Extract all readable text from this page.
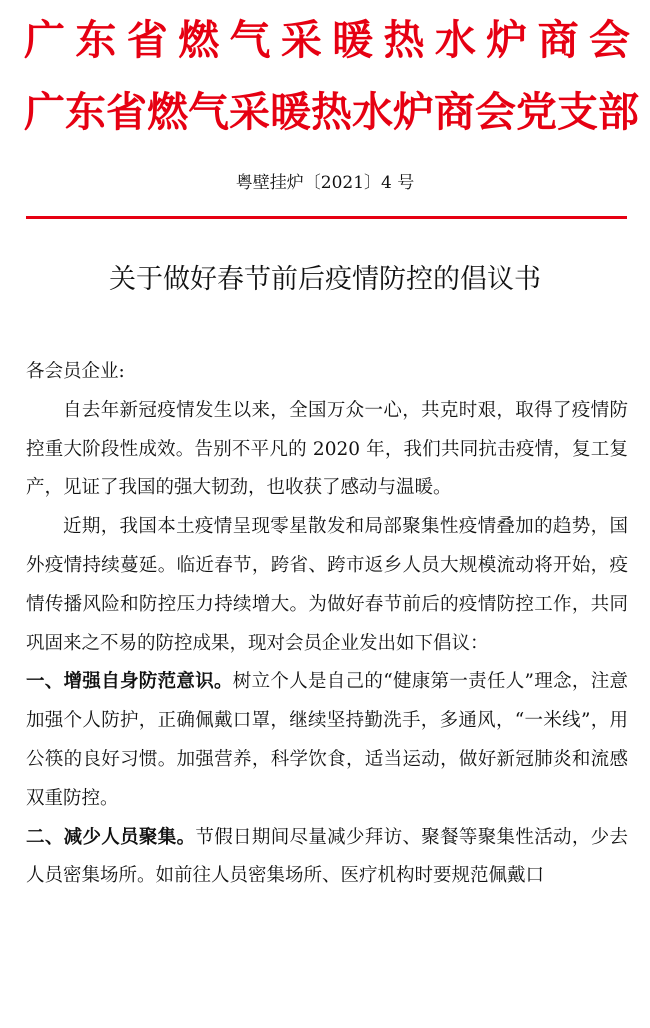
广东省燃气采暖热水炉商会
广东省燃气采暖热水炉商会党支部
粤壁挂炉〔2021〕4 号
关于做好春节前后疫情防控的倡议书

各会员企业:

自去年新冠疫情发生以来，全国万众一心，共克时艰，取得了疫情防控重大阶段性成效。告别不平凡的 2020 年，我们共同抗击疫情，复工复产，见证了我国的强大韧劲，也收获了感动与温暖。

近期，我国本土疫情呈现零星散发和局部聚集性疫情叠加的趋势，国外疫情持续蔓延。临近春节，跨省、跨市返乡人员大规模流动将开始，疫情传播风险和防控压力持续增大。为做好春节前后的疫情防控工作，共同巩固来之不易的防控成果，现对会员企业发出如下倡议：

一、增强自身防范意识。树立个人是自己的“健康第一责任人”理念，注意加强个人防护，正确佩戴口罩，继续坚持勤洗手，多通风，“一米线”，用公筷的良好习惯。加强营养，科学饮食，适当运动，做好新冠肺炎和流感双重防控。

二、减少人员聚集。节假日期间尽量减少拜访、聚餐等聚集性活动，少去人员密集场所。如前往人员密集场所、医疗机构时要规范佩戴口
